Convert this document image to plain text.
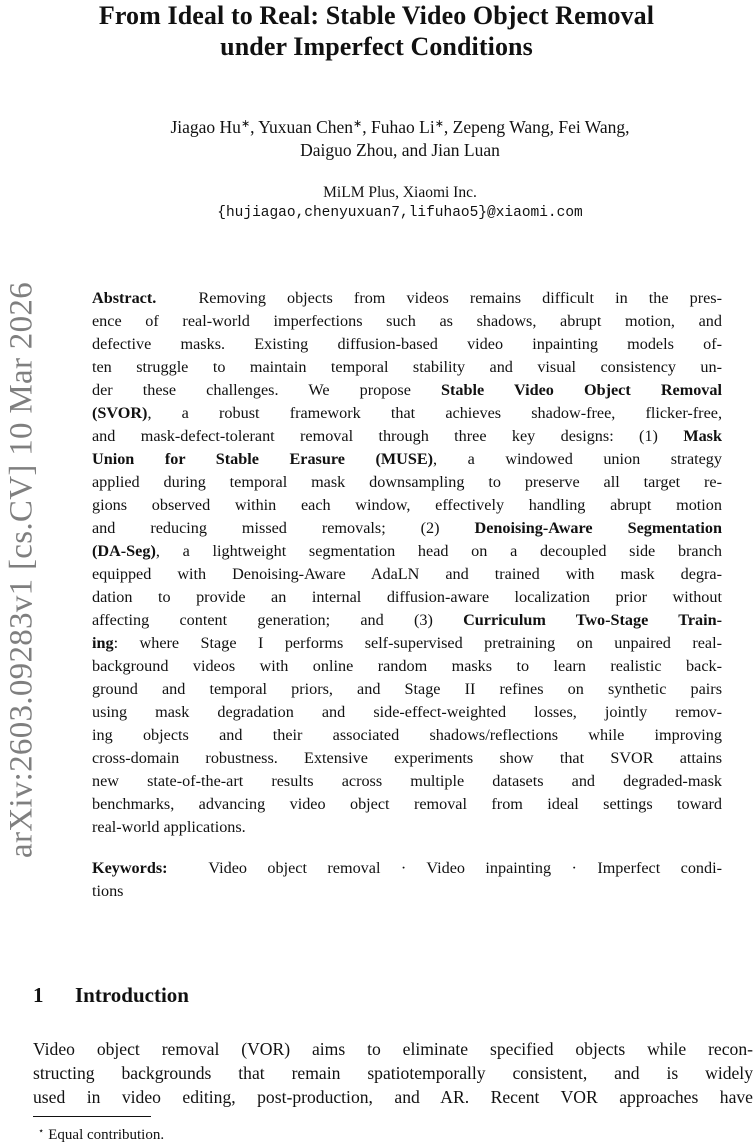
From Ideal to Real: Stable Video Object Removal
under Imperfect Conditions
Jiagao Hu∗, Yuxuan Chen∗, Fuhao Li∗, Zepeng Wang, Fei Wang,
Daiguo Zhou, and Jian Luan
MiLM Plus, Xiaomi Inc.
{hujiagao,chenyuxuan7,lifuhao5}@xiaomi.com
arXiv:2603.09283v1 [cs.CV] 10 Mar 2026	Abstract.	Removing objects from videos remains difficult in the pres-
ence of real-world imperfections such as shadows, abrupt motion, and
defective masks. Existing diffusion-based video inpainting models of-
ten struggle to maintain temporal stability and visual consistency un-
der these challenges. We propose Stable Video Object Removal
(SVOR), a robust framework that achieves shadow-free, flicker-free,
and mask-defect-tolerant removal through three key designs: (1) Mask
Union for Stable Erasure (MUSE), a windowed union strategy
applied during temporal mask downsampling to preserve all target re-
gions observed within each window, effectively handling abrupt motion
and reducing missed removals; (2) Denoising-Aware Segmentation
(DA-Seg), a lightweight segmentation head on a decoupled side branch
equipped with Denoising-Aware AdaLN and trained with mask degra-
dation to provide an internal diffusion-aware localization prior without
affecting content generation; and (3) Curriculum Two-Stage Train-
ing: where Stage I performs self-supervised pretraining on unpaired real-
background videos with online random masks to learn realistic back-
ground and temporal priors, and Stage II refines on synthetic pairs
using mask degradation and side-effect-weighted losses, jointly remov-
ing objects and their associated shadows/reflections while improving
cross-domain robustness. Extensive experiments show that SVOR attains
new state-of-the-art results across multiple datasets and degraded-mask
benchmarks, advancing video object removal from ideal settings toward
real-world applications.
Keywords:	Video object removal · Video inpainting · Imperfect condi-
tions
1 Introduction
Video object removal (VOR) aims to eliminate specified objects while recon-
structing backgrounds that remain spatiotemporally consistent, and is widely
used in video editing, post-production, and AR. Recent VOR approaches have
⋆ Equal contribution.
